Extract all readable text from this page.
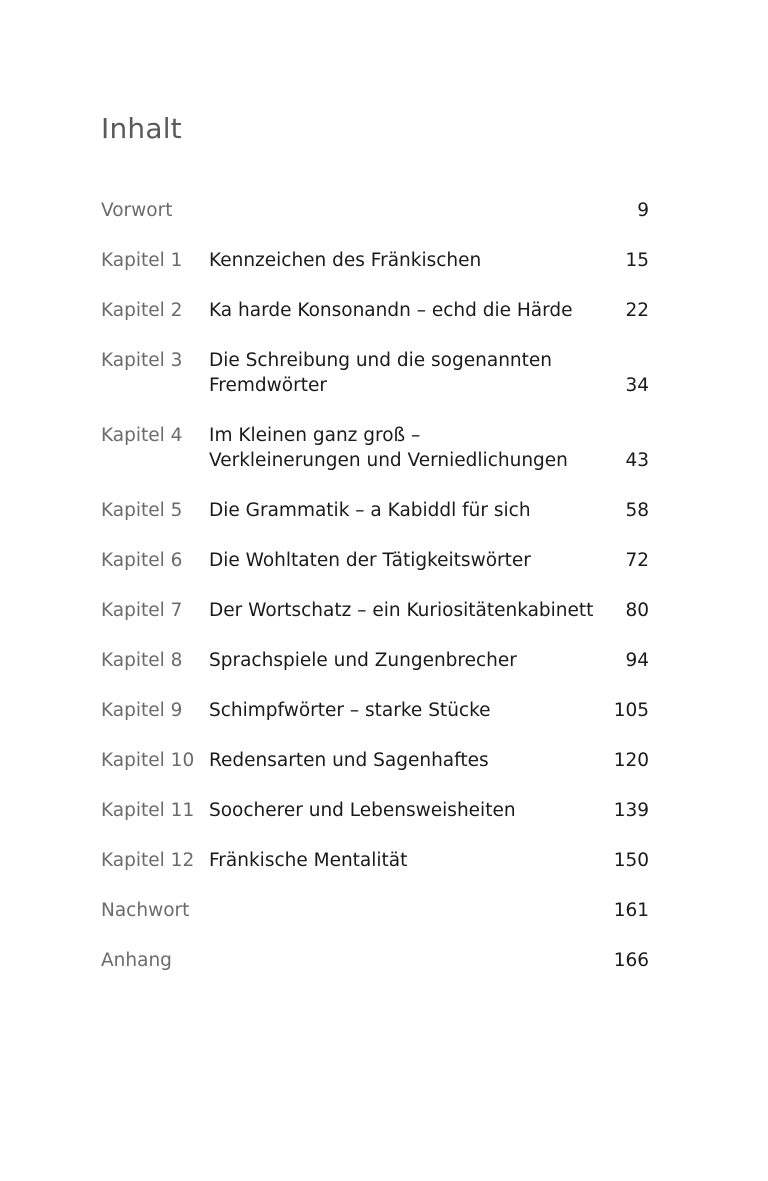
Inhalt
Vorwort	9
Kapitel 1 Kennzeichen des Fränkischen	15
Kapitel 2 Ka harde Konsonandn – echd die Härde	22
Kapitel 3 Die Schreibung und die sogenannten
Fremdwörter	34
Kapitel 4 Im Kleinen ganz groß –
Verkleinerungen und Verniedlichungen	43
Kapitel 5 Die Grammatik – a Kabiddl für sich	58
Kapitel 6 Die Wohltaten der Tätigkeitswörter	72
Kapitel 7 Der Wortschatz – ein Kuriositätenkabinett 80
Kapitel 8 Sprachspiele und Zungenbrecher	94
Kapitel 9 Schimpfwörter – starke Stücke	105
Kapitel 10 Redensarten und Sagenhaftes	120
Kapitel 11 Soocherer und Lebensweisheiten	139
Kapitel 12 Fränkische Mentalität	150
Nachwort	161
Anhang	166
